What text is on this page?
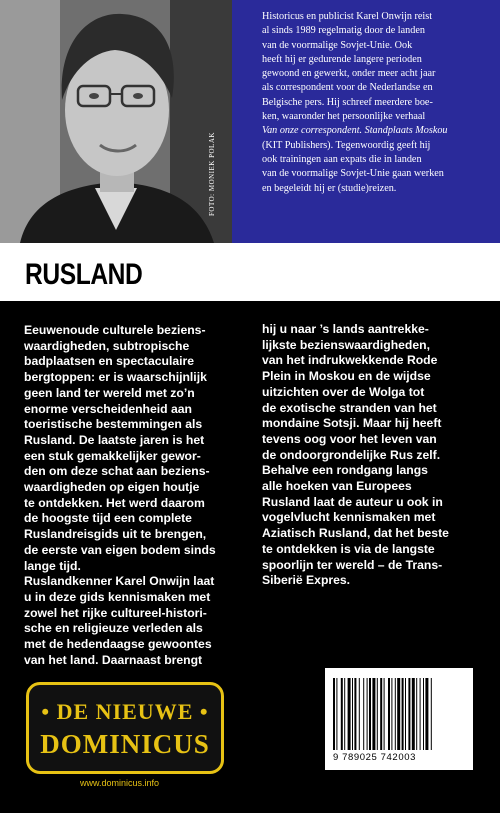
FOTO: MONIEK POLAK

Historicus en publicist Karel Onwijn reist

al sinds 1989 regelmatig door de landen

van de voormalige Sovjet-Unie. Ook

heeft hij er gedurende langere perioden

gewoond en gewerkt, onder meer acht jaar

als correspondent voor de Nederlandse en

Belgische pers. Hij schreef meerdere boe-

ken, waaronder het persoonlijke verhaal

Van onze correspondent. Standplaats Moskou

(KIT Publishers). Tegenwoordig geeft hij

ook trainingen aan expats die in landen

van de voormalige Sovjet-Unie gaan werken

en begeleidt hij er (studie)reizen.

RUSLAND

Eeuwenoude culturele beziens-

waardigheden, subtropische

badplaatsen en spectaculaire

bergtoppen: er is waarschijnlijk

geen land ter wereld met zo’n

enorme verscheidenheid aan

toeristische bestemmingen als

Rusland. De laatste jaren is het

een stuk gemakkelijker gewor-

den om deze schat aan beziens-

waardigheden op eigen houtje

te ontdekken. Het werd daarom

de hoogste tijd een complete

Ruslandreisgids uit te brengen,

de eerste van eigen bodem sinds

lange tijd.

Ruslandkenner Karel Onwijn laat

u in deze gids kennismaken met

zowel het rijke cultureel-histori-

sche en religieuze verleden als

met de hedendaagse gewoontes

van het land. Daarnaast brengt

hij u naar ’s lands aantrekke-

lijkste bezienswaardigheden,

van het indrukwekkende Rode

Plein in Moskou en de wijdse

uitzichten over de Wolga tot

de exotische stranden van het

mondaine Sotsji. Maar hij heeft

tevens oog voor het leven van

de ondoorgrondelijke Rus zelf.

Behalve een rondgang langs

alle hoeken van Europees

Rusland laat de auteur u ook in

vogelvlucht kennismaken met

Aziatisch Rusland, dat het beste

te ontdekken is via de langste

spoorlijn ter wereld – de Trans-

Siberië Expres.

• DE NIEUWE •
DOMINICUS
www.dominicus.info
9 789025 742003
